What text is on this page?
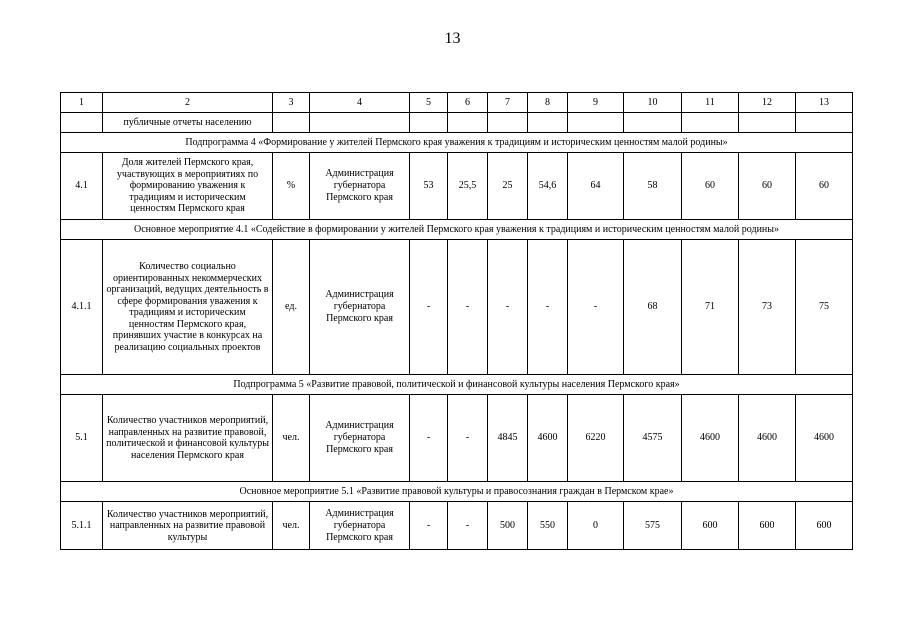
13
1	2	3	4	5	6	7	8	9	10	11	12	13
	публичные отчеты населению											
Подпрограмма 4 «Формирование у жителей Пермского края уважения к традициям и историческим ценностям малой родины»												
4.1	Доля жителей Пермского края, участвующих в мероприятиях по формированию уважения к традициям и историческим ценностям Пермского края	%	Администрация губернатора Пермского края	53	25,5	25	54,6	64	58	60	60	60
Основное мероприятие 4.1 «Содействие в формировании у жителей Пермского края уважения к традициям и историческим ценностям малой родины»												
4.1.1	Количество социально ориентированных некоммерческих организаций, ведущих деятельность в сфере формирования уважения к традициям и историческим ценностям Пермского края, принявших участие в конкурсах на реализацию социальных проектов	ед.	Администрация губернатора Пермского края	-	-	-	-	-	68	71	73	75
Подпрограмма 5 «Развитие правовой, политической и финансовой культуры населения Пермского края»												
5.1	Количество участников мероприятий, направленных на развитие правовой, политической и финансовой культуры населения Пермского края	чел.	Администрация губернатора Пермского края	-	-	4845	4600	6220	4575	4600	4600	4600
Основное мероприятие 5.1 «Развитие правовой культуры и правосознания граждан в Пермском крае»												
5.1.1	Количество участников мероприятий, направленных на развитие правовой культуры	чел.	Администрация губернатора Пермского края	-	-	500	550	0	575	600	600	600
